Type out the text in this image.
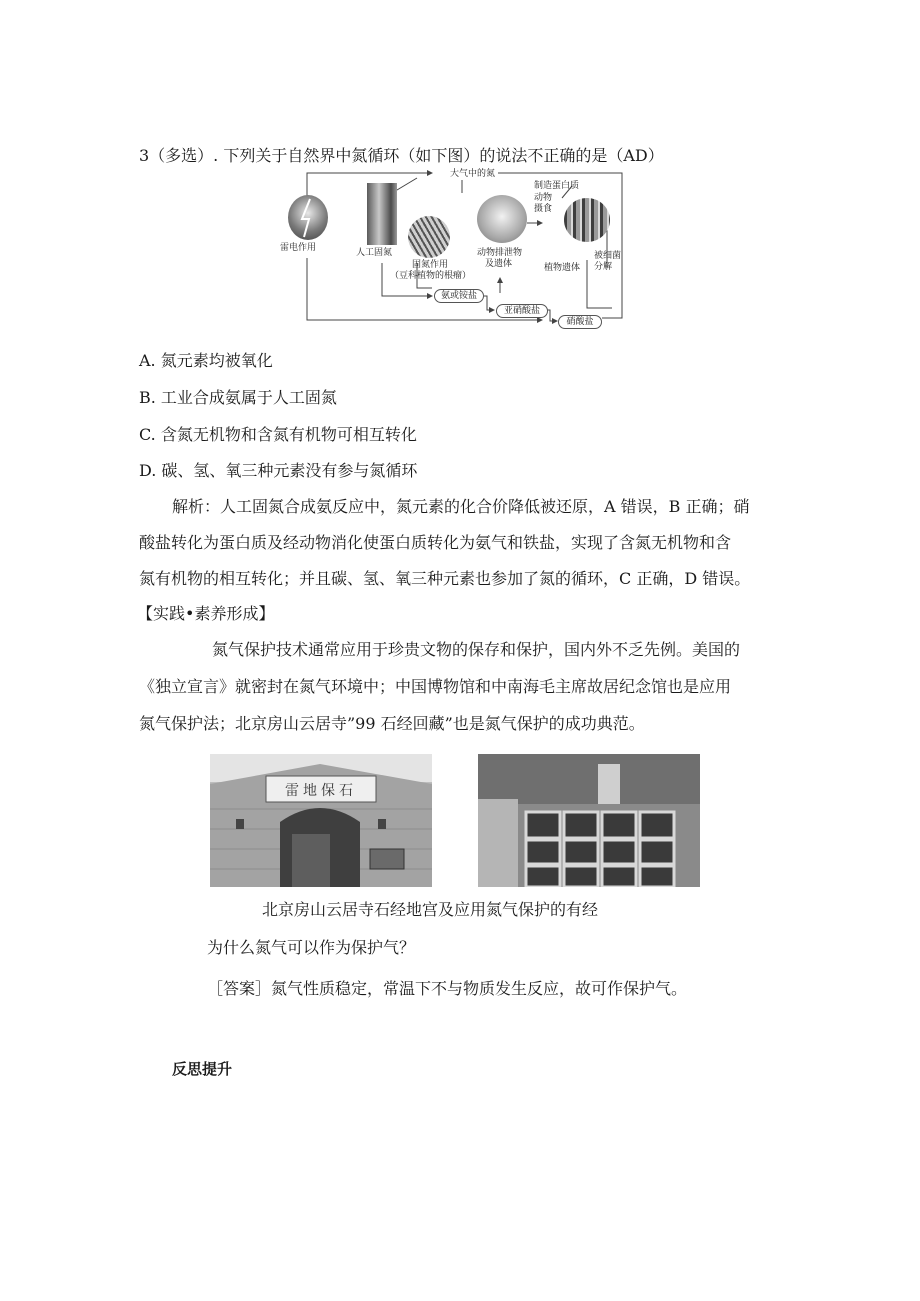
3（多选）. 下列关于自然界中氮循环（如下图）的说法不正确的是（AD）
大气中的氮
雷电作用	人工固氮
固氮作用
（豆科植物的根瘤）
动物排泄物
及遗体
制造蛋白质
动物
摄食
植物遗体
被细菌
分解
氨或铵盐
亚硝酸盐
硝酸盐
A. 氮元素均被氧化
B. 工业合成氨属于人工固氮
C. 含氮无机物和含氮有机物可相互转化
D. 碳、氢、氧三种元素没有参与氮循环
解析：人工固氮合成氨反应中，氮元素的化合价降低被还原，A 错误，B 正确；硝
酸盐转化为蛋白质及经动物消化使蛋白质转化为氨气和铁盐，实现了含氮无机物和含
氮有机物的相互转化；并且碳、氢、氧三种元素也参加了氮的循环，C 正确，D 错误。
【实践•素养形成】
氮气保护技术通常应用于珍贵文物的保存和保护，国内外不乏先例。美国的
《独立宣言》就密封在氮气环境中；中国博物馆和中南海毛主席故居纪念馆也是应用
氮气保护法；北京房山云居寺”99 石经回藏”也是氮气保护的成功典范。
雷地保石
北京房山云居寺石经地宫及应用氮气保护的有经
为什么氮气可以作为保护气？
［答案］氮气性质稳定，常温下不与物质发生反应，故可作保护气。
反思提升
